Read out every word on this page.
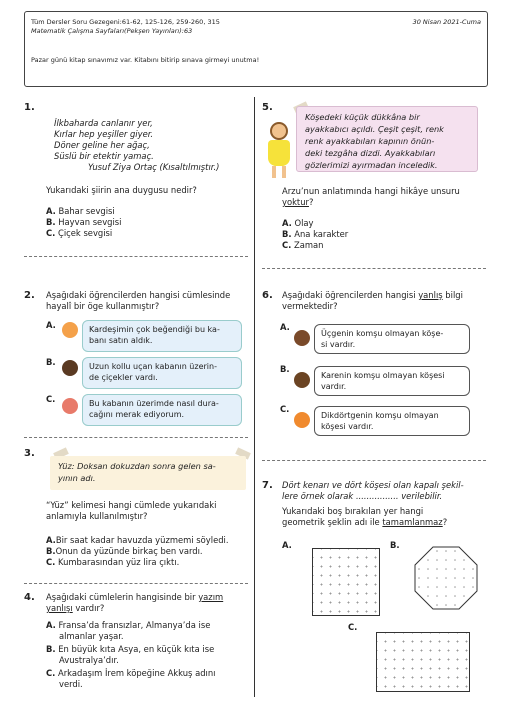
Tüm Dersler Soru Gezegeni:61-62, 125-126, 259-260, 315	30 Nisan 2021-Cuma
Matematik Çalışma Sayfaları(Pekşen Yayınları):63
Pazar günü kitap sınavımız var. Kitabını bitirip sınava girmeyi unutma!
1.
İlkbaharda canlanır yer,
Kırlar hep yeşiller giyer.
Döner geline her ağaç,
Süslü bir etektir yamaç.
Yusuf Ziya Ortaç (Kısaltılmıştır.)
Yukarıdaki şiirin ana duygusu nedir?
A. Bahar sevgisi
B. Hayvan sevgisi
C. Çiçek sevgisi
2. Aşağıdaki öğrencilerden hangisi cümlesinde
hayalî bir öge kullanmıştır?
A.	Kardeşimin çok beğendiği bu ka-
banı satın aldık.
B.	Uzun kollu uçan kabanın üzerin-
de çiçekler vardı.
C.	Bu kabanın üzerimde nasıl dura-
cağını merak ediyorum.
3.
Yüz: Doksan dokuzdan sonra gelen sa-
yının adı.
“Yüz” kelimesi hangi cümlede yukarıdaki
anlamıyla kullanılmıştır?
A.Bir saat kadar havuzda yüzmemi söyledi.
B.Onun da yüzünde birkaç ben vardı.
C. Kumbarasından yüz lira çıktı.
4. Aşağıdaki cümlelerin hangisinde bir yazım
yanlışı vardır?
A. Fransa’da fransızlar, Almanya’da ise
almanlar yaşar.
B. En büyük kıta Asya, en küçük kıta ise
Avustralya’dır.
C. Arkadaşım İrem köpeğine Akkuş adını
verdi.
5.
Köşedeki küçük dükkâna bir
ayakkabıcı açıldı. Çeşit çeşit, renk
renk ayakkabıları kapının önün-
deki tezgâha dizdi. Ayakkabıları
gözlerimizi ayırmadan inceledik.
Arzu’nun anlatımında hangi hikâye unsuru
yoktur?
A. Olay
B. Ana karakter
C. Zaman
6. Aşağıdaki öğrencilerden hangisi yanlış bilgi
vermektedir?
A.
Üçgenin komşu olmayan köşe-
si vardır.
B.
Karenin komşu olmayan köşesi
vardır.
C.
Dikdörtgenin komşu olmayan
köşesi vardır.
7. Dört kenarı ve dört köşesi olan kapalı şekil-
lere örnek olarak ................ verilebilir.
Yukarıdaki boş bırakılan yer hangi
geometrik şeklin adı ile tamamlanmaz?
A.	B.
C.
